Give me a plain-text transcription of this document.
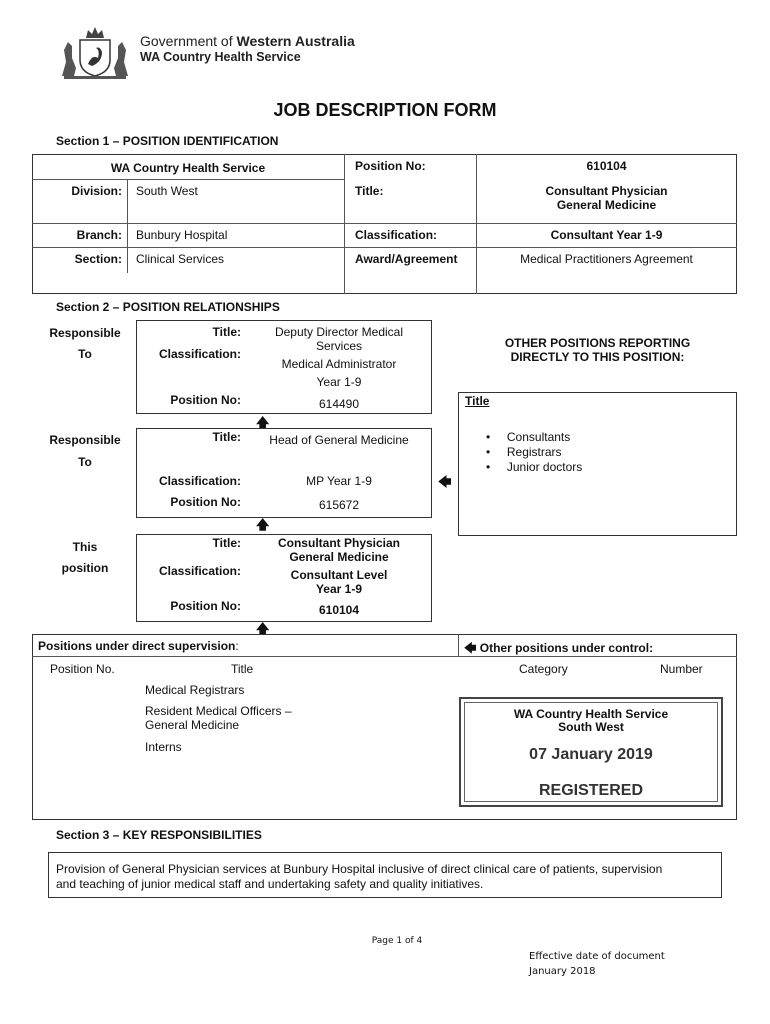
Government of Western Australia
WA Country Health Service
JOB DESCRIPTION FORM
Section 1 – POSITION IDENTIFICATION
WA Country Health Service	Position No:	610104
Division: South West	Title:	Consultant Physician
General Medicine
Branch: Bunbury Hospital	Classification:	Consultant Year 1-9
Section: Clinical Services	Award/Agreement	Medical Practitioners Agreement
Section 2 – POSITION RELATIONSHIPS
Responsible
To
Title:	Deputy Director Medical
Services
Classification:
Medical Administrator
Year 1-9
Position No:	614490
🡅
Responsible
To
Title:	Head of General Medicine
Classification:	MP Year 1-9
Position No:	615672
🡄
🡅
This
position
Title:	Consultant Physician
General Medicine
Classification:	Consultant Level
Year 1-9
Position No:	610104
🡅
OTHER POSITIONS REPORTING
DIRECTLY TO THIS POSITION:
Title
•     Consultants
•     Registrars
•     Junior doctors
Positions under direct supervision:	🡄 Other positions under control:
Position No.	Title	Category	Number
Medical Registrars
Resident Medical Officers –
General Medicine
Interns
WA Country Health Service
South West
07 January 2019
REGISTERED
Section 3 – KEY RESPONSIBILITIES
Provision of General Physician services at Bunbury Hospital inclusive of direct clinical care of patients, supervision
and teaching of junior medical staff and undertaking safety and quality initiatives.
Page 1 of 4
Effective date of document
January 2018
